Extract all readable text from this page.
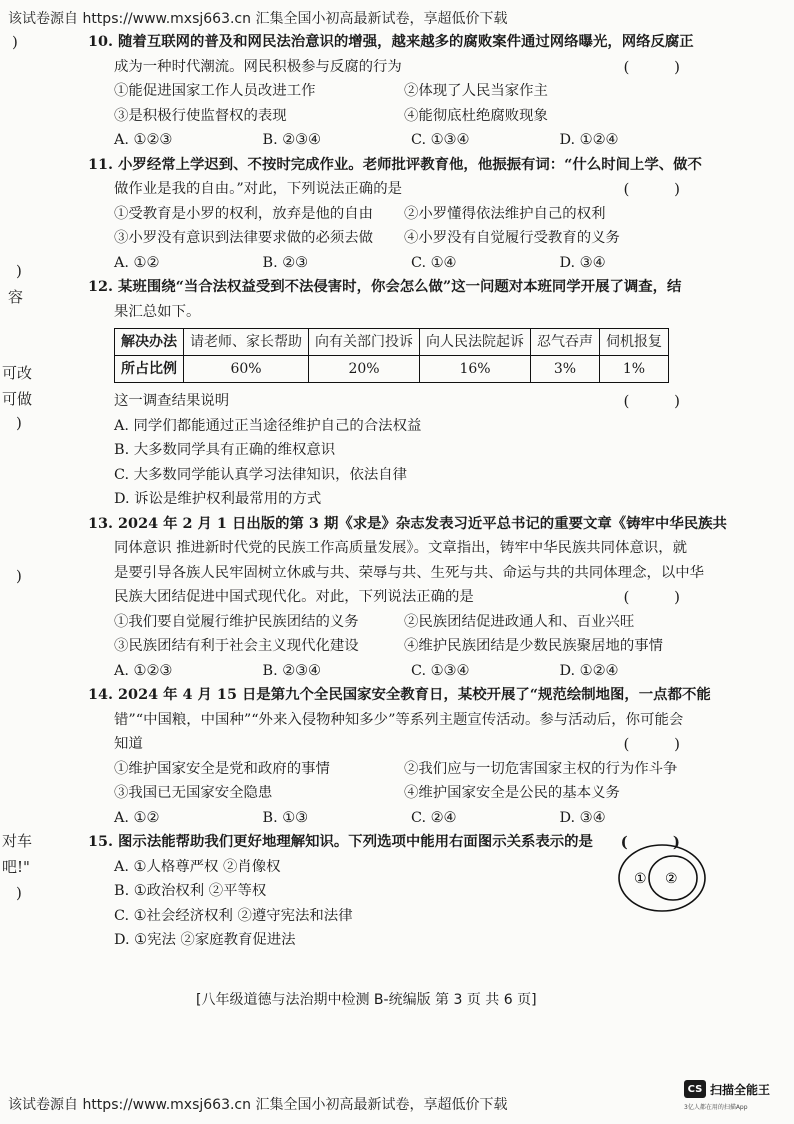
该试卷源自 https://www.mxsj663.cn 汇集全国小初高最新试卷，享超低价下载
)
)
容
可改
可做
)
)
对车
吧!"
)
10. 随着互联网的普及和网民法治意识的增强，越来越多的腐败案件通过网络曝光，网络反腐正
成为一种时代潮流。网民积极参与反腐的行为	( )
①能促进国家工作人员改进工作	②体现了人民当家作主
③是积极行使监督权的表现	④能彻底杜绝腐败现象
A. ①②③	B. ②③④	C. ①③④	D. ①②④
11. 小罗经常上学迟到、不按时完成作业。老师批评教育他，他振振有词：“什么时间上学、做不
做作业是我的自由。”对此，下列说法正确的是	( )
①受教育是小罗的权利，放弃是他的自由	②小罗懂得依法维护自己的权利
③小罗没有意识到法律要求做的必须去做	④小罗没有自觉履行受教育的义务
A. ①②	B. ②③	C. ①④	D. ③④
12. 某班围绕“当合法权益受到不法侵害时，你会怎么做”这一问题对本班同学开展了调查，结
果汇总如下。
解决办法	请老师、家长帮助	向有关部门投诉	向人民法院起诉	忍气吞声	伺机报复
所占比例	60%	20%	16%	3%	1%
这一调查结果说明	( )
A. 同学们都能通过正当途径维护自己的合法权益
B. 大多数同学具有正确的维权意识
C. 大多数同学能认真学习法律知识，依法自律
D. 诉讼是维护权利最常用的方式
13. 2024 年 2 月 1 日出版的第 3 期《求是》杂志发表习近平总书记的重要文章《铸牢中华民族共
同体意识 推进新时代党的民族工作高质量发展》。文章指出，铸牢中华民族共同体意识，就
是要引导各族人民牢固树立休戚与共、荣辱与共、生死与共、命运与共的共同体理念，以中华
民族大团结促进中国式现代化。对此，下列说法正确的是	( )
①我们要自觉履行维护民族团结的义务	②民族团结促进政通人和、百业兴旺
③民族团结有利于社会主义现代化建设	④维护民族团结是少数民族聚居地的事情
A. ①②③	B. ②③④	C. ①③④	D. ①②④
14. 2024 年 4 月 15 日是第九个全民国家安全教育日，某校开展了“规范绘制地图，一点都不能
错”“中国粮，中国种”“外来入侵物种知多少”等系列主题宣传活动。参与活动后，你可能会
知道	( )
①维护国家安全是党和政府的事情	②我们应与一切危害国家主权的行为作斗争
③我国已无国家安全隐患	④维护国家安全是公民的基本义务
A. ①②	B. ①③	C. ②④	D. ③④
15. 图示法能帮助我们更好地理解知识。下列选项中能用右面图示关系表示的是 ( )
A. ①人格尊严权 ②肖像权
B. ①政治权利 ②平等权
C. ①社会经济权利 ②遵守宪法和法律
D. ①宪法 ②家庭教育促进法
① ②
[八年级道德与法治期中检测 B-统编版 第 3 页 共 6 页]
该试卷源自 https://www.mxsj663.cn 汇集全国小初高最新试卷，享超低价下载
CS 扫描全能王
3亿人都在用的扫描App
